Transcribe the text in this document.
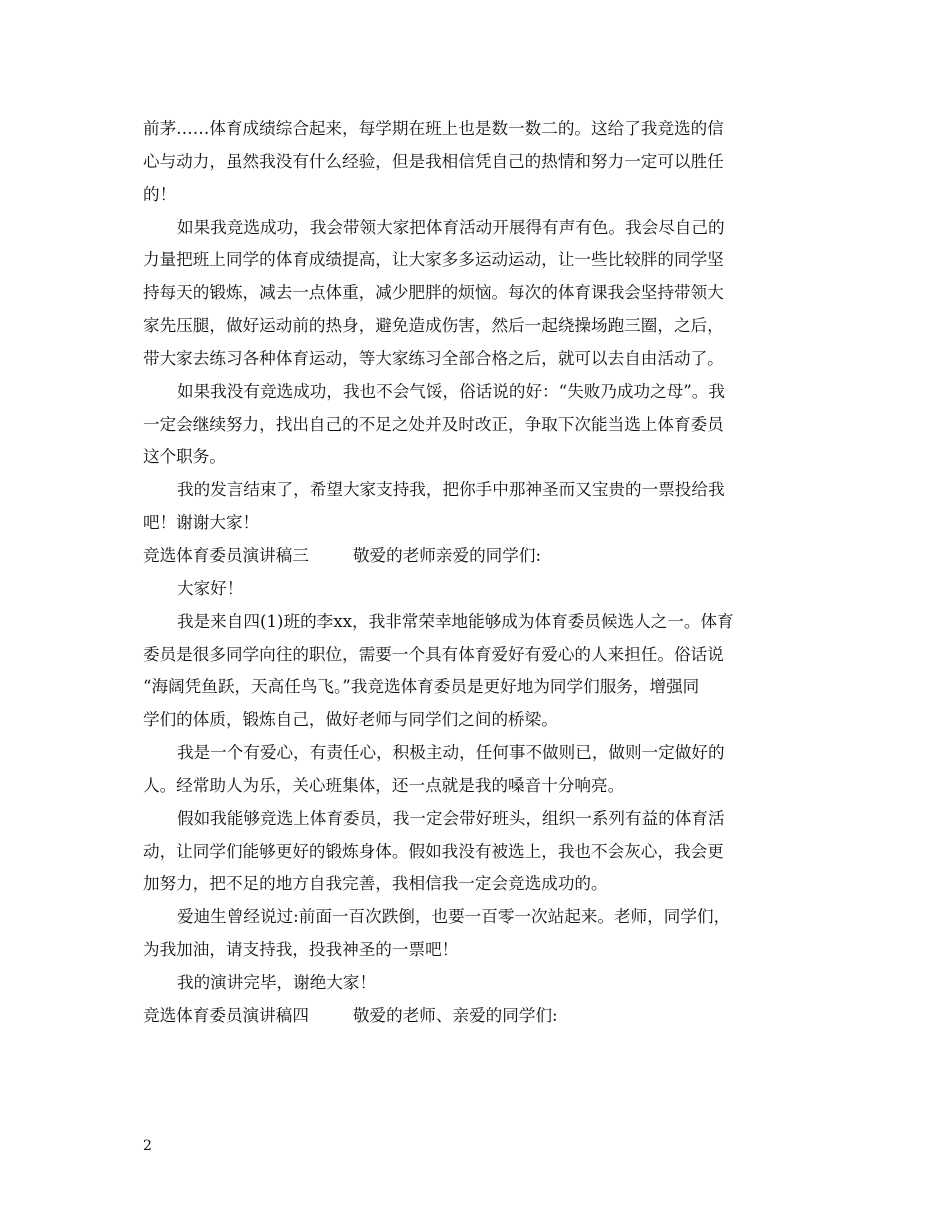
前茅……体育成绩综合起来，每学期在班上也是数一数二的。这给了我竞选的信
心与动力，虽然我没有什么经验，但是我相信凭自己的热情和努力一定可以胜任
的！
如果我竞选成功，我会带领大家把体育活动开展得有声有色。我会尽自己的
力量把班上同学的体育成绩提高，让大家多多运动运动，让一些比较胖的同学坚
持每天的锻炼，减去一点体重，减少肥胖的烦恼。每次的体育课我会坚持带领大
家先压腿，做好运动前的热身，避免造成伤害，然后一起绕操场跑三圈，之后，
带大家去练习各种体育运动，等大家练习全部合格之后，就可以去自由活动了。
如果我没有竞选成功，我也不会气馁，俗话说的好：“失败乃成功之母”。我
一定会继续努力，找出自己的不足之处并及时改正，争取下次能当选上体育委员
这个职务。
我的发言结束了，希望大家支持我，把你手中那神圣而又宝贵的一票投给我
吧！谢谢大家！
竞选体育委员演讲稿三	敬爱的老师亲爱的同学们:
大家好！
我是来自四(1)班的李xx，我非常荣幸地能够成为体育委员候选人之一。体育
委员是很多同学向往的职位，需要一个具有体育爱好有爱心的人来担任。俗话说
“海阔凭鱼跃，天高任鸟飞。”我竞选体育委员是更好地为同学们服务，增强同
学们的体质，锻炼自己，做好老师与同学们之间的桥梁。
我是一个有爱心，有责任心，积极主动，任何事不做则已，做则一定做好的
人。经常助人为乐，关心班集体，还一点就是我的嗓音十分响亮。
假如我能够竞选上体育委员，我一定会带好班头，组织一系列有益的体育活
动，让同学们能够更好的锻炼身体。假如我没有被选上，我也不会灰心，我会更
加努力，把不足的地方自我完善，我相信我一定会竞选成功的。
爱迪生曾经说过:前面一百次跌倒，也要一百零一次站起来。老师，同学们，
为我加油，请支持我，投我神圣的一票吧！
我的演讲完毕，谢绝大家！
竞选体育委员演讲稿四	敬爱的老师、亲爱的同学们:
2
